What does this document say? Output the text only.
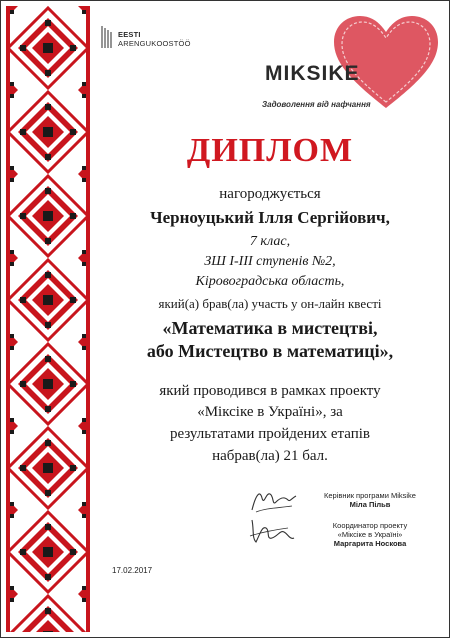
EESTI
ARENGUKOOSTÖÖ
MIKSIKE
Задоволення від нафчання
ДИПЛОМ
нагороджується
Черноуцький Ілля Сергійович,
7 клас,
ЗШ І-ІІІ ступенів №2,
Кіровоградська область,
який(а) брав(ла) участь у он-лайн квесті
«Математика в мистецтві,
або Мистецтво в математиці»,
який проводився в рамках проекту
«Міксіке в Україні», за
результатами пройдених етапів
набрав(ла) 21 бал.
Керівник програми Miksike
Міла Пільв
Координатор проекту
«Міксіке в Україні»
Маргарита Носкова
17.02.2017
